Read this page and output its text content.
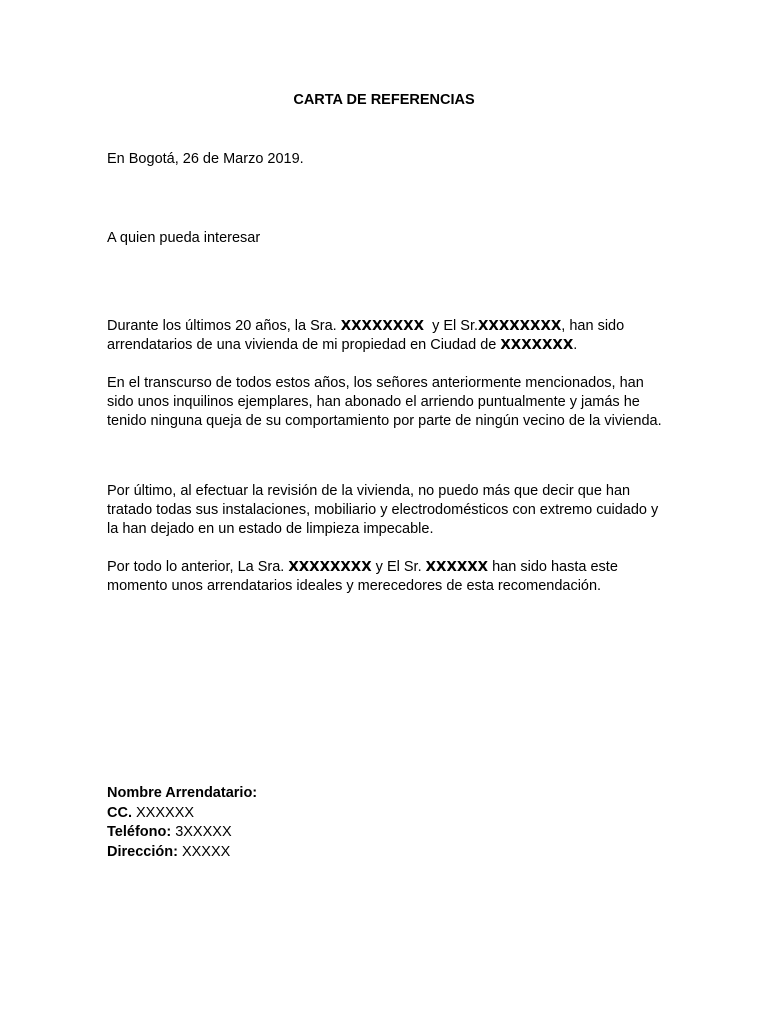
CARTA DE REFERENCIAS
En Bogotá, 26 de Marzo 2019.
A quien pueda interesar
Durante los últimos 20 años, la Sra. XXXXXXXX  y El Sr.XXXXXXXX, han sido arrendatarios de una vivienda de mi propiedad en Ciudad de XXXXXXX.
En el transcurso de todos estos años, los señores anteriormente mencionados, han sido unos inquilinos ejemplares, han abonado el arriendo puntualmente y jamás he tenido ninguna queja de su comportamiento por parte de ningún vecino de la vivienda.
Por último, al efectuar la revisión de la vivienda, no puedo más que decir que han tratado todas sus instalaciones, mobiliario y electrodomésticos con extremo cuidado y la han dejado en un estado de limpieza impecable.
Por todo lo anterior, La Sra. XXXXXXXX y El Sr. XXXXXX han sido hasta este momento unos arrendatarios ideales y merecedores de esta recomendación.
Nombre Arrendatario:
CC. XXXXXX
Teléfono: 3XXXXX
Dirección: XXXXX
